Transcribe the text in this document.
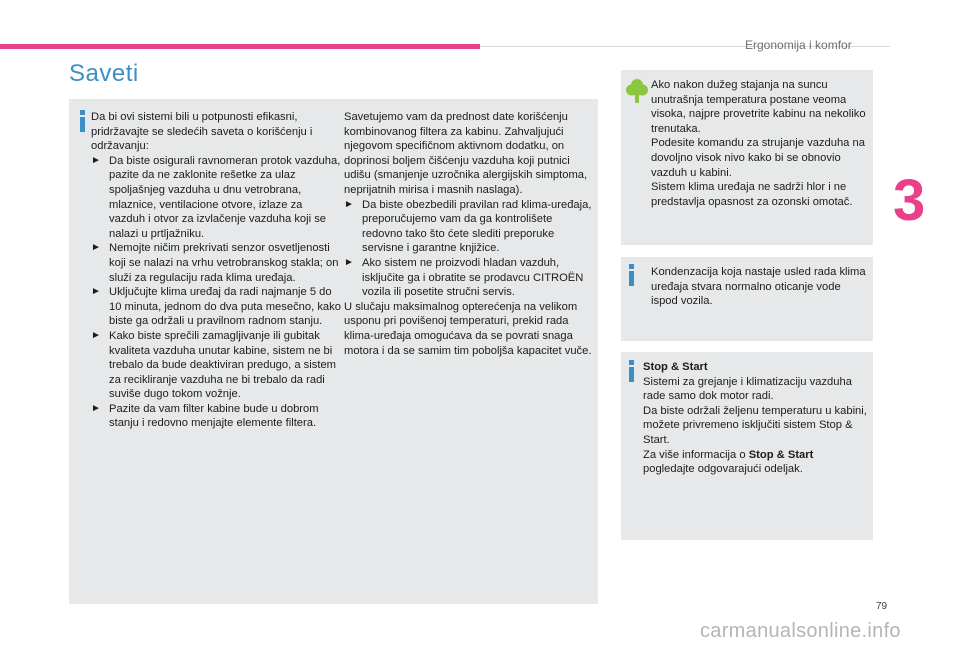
Ergonomija i komfor
3
Saveti

Da bi ovi sistemi bili u potpunosti efikasni, pridržavajte se sledećih saveta o korišćenju i održavanju:

► Da biste osigurali ravnomeran protok vazduha, pazite da ne zaklonite rešetke za ulaz spoljašnjeg vazduha u dnu vetrobrana, mlaznice, ventilacione otvore, izlaze za vazduh i otvor za izvlačenje vazduha koji se nalazi u prtljažniku.
► Nemojte ničim prekrivati senzor osvetljenosti koji se nalazi na vrhu vetrobranskog stakla; on služi za regulaciju rada klima uređaja.
► Uključujte klima uređaj da radi najmanje 5 do 10 minuta, jednom do dva puta mesečno, kako biste ga održali u pravilnom radnom stanju.
► Kako biste sprečili zamagljivanje ili gubitak kvaliteta vazduha unutar kabine, sistem ne bi trebalo da bude deaktiviran predugo, a sistem za recikliranje vazduha ne bi trebalo da radi suviše dugo tokom vožnje.
► Pazite da vam filter kabine bude u dobrom stanju i redovno menjajte elemente filtera.

Savetujemo vam da prednost date korišćenju kombinovanog filtera za kabinu. Zahvaljujući njegovom specifičnom aktivnom dodatku, on doprinosi boljem čišćenju vazduha koji putnici udišu (smanjenje uzročnika alergijskih simptoma, neprijatnih mirisa i masnih naslaga).

► Da biste obezbedili pravilan rad klima-uređaja, preporučujemo vam da ga kontrolišete redovno tako što ćete slediti preporuke servisne i garantne knjižice.
► Ako sistem ne proizvodi hladan vazduh, isključite ga i obratite se prodavcu CITROËN vozila ili posetite stručni servis.

U slučaju maksimalnog opterećenja na velikom usponu pri povišenoj temperaturi, prekid rada klima-uređaja omogućava da se povrati snaga motora i da se samim tim poboljša kapacitet vuče.

Ako nakon dužeg stajanja na suncu unutrašnja temperatura postane veoma visoka, najpre provetrite kabinu na nekoliko trenutaka.

Podesite komandu za strujanje vazduha na dovoljno visok nivo kako bi se obnovio vazduh u kabini.

Sistem klima uređaja ne sadrži hlor i ne predstavlja opasnost za ozonski omotač.

Kondenzacija koja nastaje usled rada klima uređaja stvara normalno oticanje vode ispod vozila.

Stop & Start

Sistemi za grejanje i klimatizaciju vazduha rade samo dok motor radi.

Da biste održali željenu temperaturu u kabini, možete privremeno isključiti sistem Stop & Start.

Za više informacija o Stop & Start
pogledajte odgovarajući odeljak.

79
carmanualsonline.info
